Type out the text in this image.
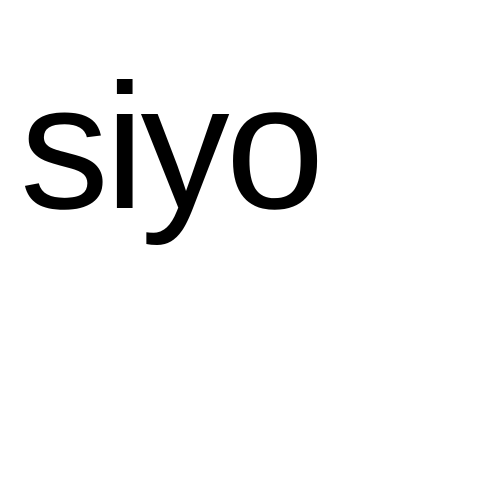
siyo
